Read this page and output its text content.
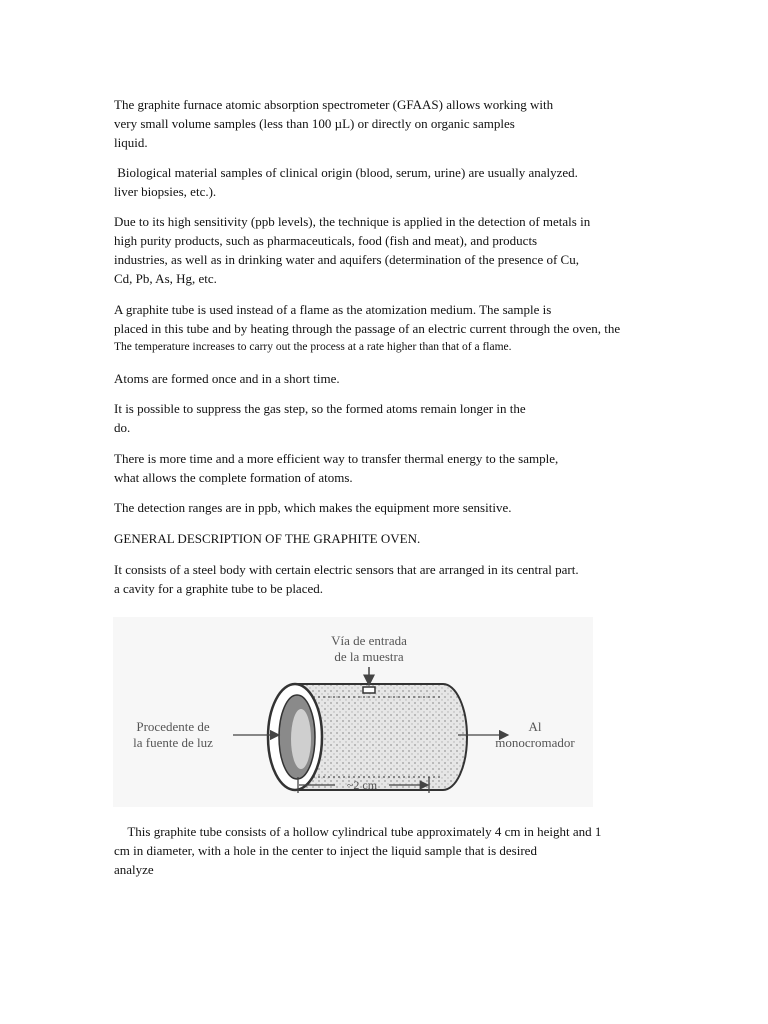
The graphite furnace atomic absorption spectrometer (GFAAS) allows working with
very small volume samples (less than 100 µL) or directly on organic samples
liquid.

Biological material samples of clinical origin (blood, serum, urine) are usually analyzed.
liver biopsies, etc.).

Due to its high sensitivity (ppb levels), the technique is applied in the detection of metals in
high purity products, such as pharmaceuticals, food (fish and meat), and products
industries, as well as in drinking water and aquifers (determination of the presence of Cu,
Cd, Pb, As, Hg, etc.

A graphite tube is used instead of a flame as the atomization medium. The sample is
placed in this tube and by heating through the passage of an electric current through the oven, the
The temperature increases to carry out the process at a rate higher than that of a flame.

Atoms are formed once and in a short time.

It is possible to suppress the gas step, so the formed atoms remain longer in the
do.

There is more time and a more efficient way to transfer thermal energy to the sample,
what allows the complete formation of atoms.

The detection ranges are in ppb, which makes the equipment more sensitive.

GENERAL DESCRIPTION OF THE GRAPHITE OVEN.

It consists of a steel body with certain electric sensors that are arranged in its central part.
a cavity for a graphite tube to be placed.

Vía de entrada
de la muestra
Procedente de
la fuente de luz
Al
monocromador
~2 cm

This graphite tube consists of a hollow cylindrical tube approximately 4 cm in height and 1
cm in diameter, with a hole in the center to inject the liquid sample that is desired
analyze
